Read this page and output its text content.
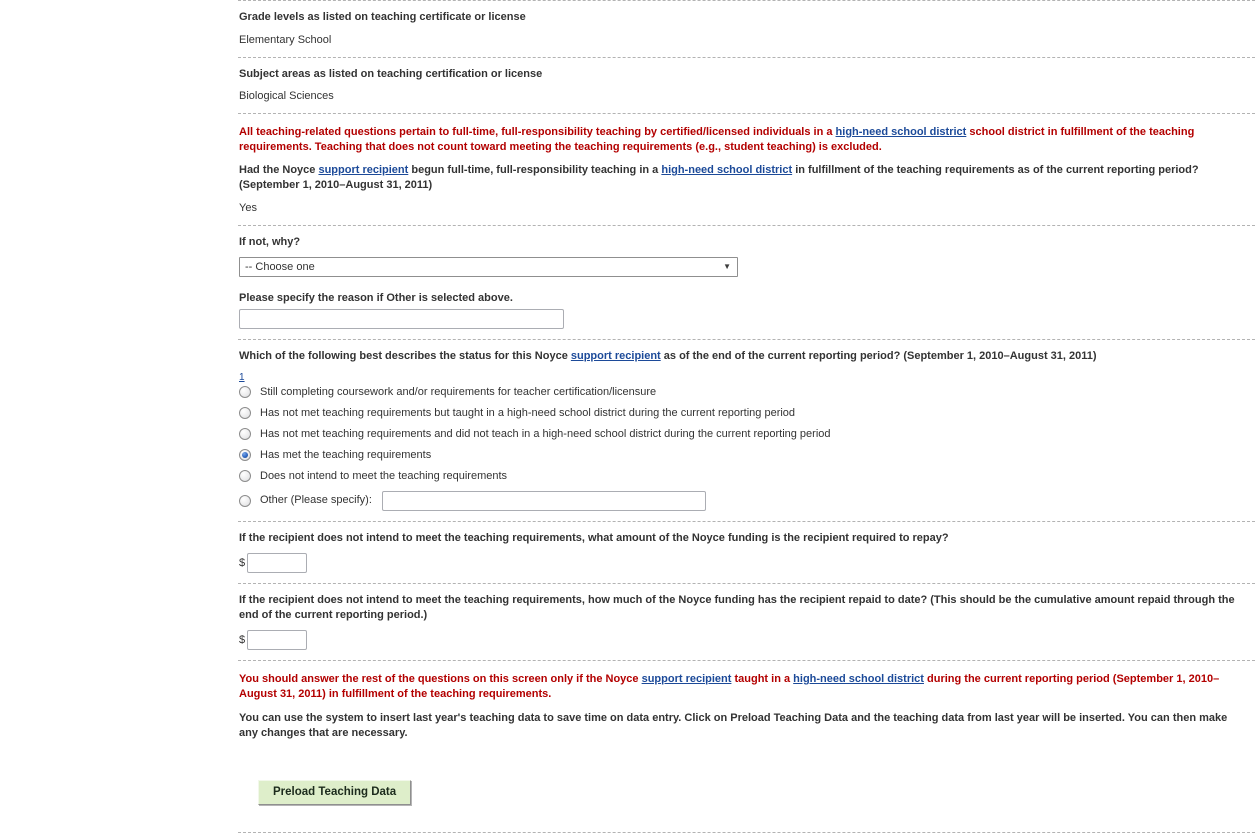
Grade levels as listed on teaching certificate or license
Elementary School
Subject areas as listed on teaching certification or license
Biological Sciences
All teaching-related questions pertain to full-time, full-responsibility teaching by certified/licensed individuals in a high-need school district school district in fulfillment of the teaching requirements. Teaching that does not count toward meeting the teaching requirements (e.g., student teaching) is excluded.
Had the Noyce support recipient begun full-time, full-responsibility teaching in a high-need school district in fulfillment of the teaching requirements as of the current reporting period? (September 1, 2010–August 31, 2011)
Yes
If not, why?
-- Choose one	▼
Please specify the reason if Other is selected above.
Which of the following best describes the status for this Noyce support recipient as of the end of the current reporting period? (September 1, 2010–August 31, 2011)
1
Still completing coursework and/or requirements for teacher certification/licensure
Has not met teaching requirements but taught in a high-need school district during the current reporting period
Has not met teaching requirements and did not teach in a high-need school district during the current reporting period
Has met the teaching requirements
Does not intend to meet the teaching requirements
Other (Please specify):
If the recipient does not intend to meet the teaching requirements, what amount of the Noyce funding is the recipient required to repay?
$
If the recipient does not intend to meet the teaching requirements, how much of the Noyce funding has the recipient repaid to date? (This should be the cumulative amount repaid through the end of the current reporting period.)
$
You should answer the rest of the questions on this screen only if the Noyce support recipient taught in a high-need school district during the current reporting period (September 1, 2010–August 31, 2011) in fulfillment of the teaching requirements.
You can use the system to insert last year's teaching data to save time on data entry. Click on Preload Teaching Data and the teaching data from last year will be inserted. You can then make any changes that are necessary.
Preload Teaching Data
